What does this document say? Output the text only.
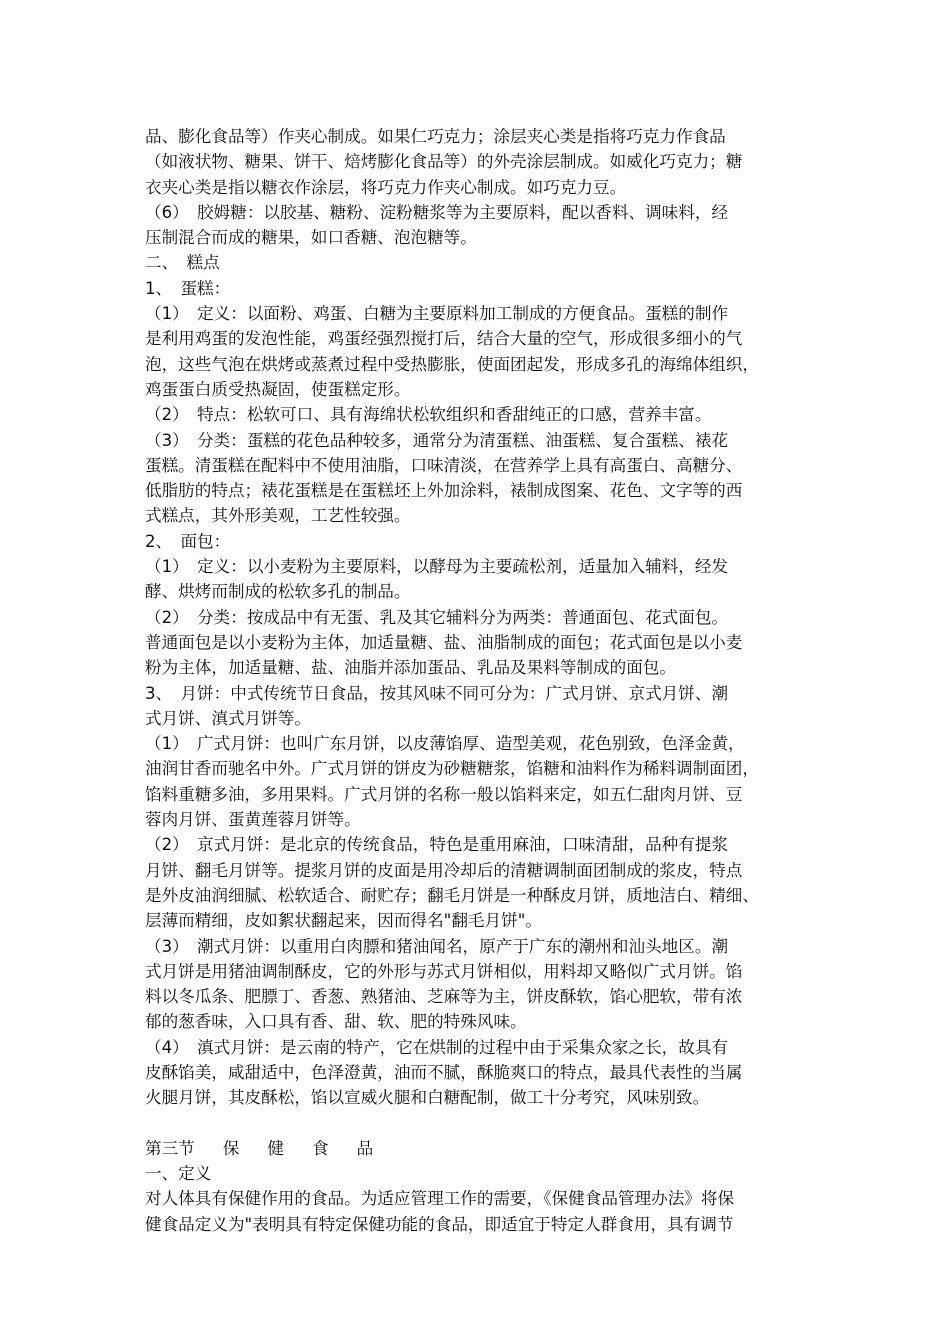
品、膨化食品等）作夹心制成。如果仁巧克力；涂层夹心类是指将巧克力作食品
（如液状物、糖果、饼干、焙烤膨化食品等）的外壳涂层制成。如威化巧克力；糖
衣夹心类是指以糖衣作涂层，将巧克力作夹心制成。如巧克力豆。
（6）　胶姆糖：以胶基、糖粉、淀粉糖浆等为主要原料，配以香料、调味料，经
压制混合而成的糖果，如口香糖、泡泡糖等。
二、　糕点
1、　蛋糕：
（1）　定义：以面粉、鸡蛋、白糖为主要原料加工制成的方便食品。蛋糕的制作
是利用鸡蛋的发泡性能，鸡蛋经强烈搅打后，结合大量的空气，形成很多细小的气
泡，这些气泡在烘烤或蒸煮过程中受热膨胀，使面团起发，形成多孔的海绵体组织，
鸡蛋蛋白质受热凝固，使蛋糕定形。
（2）　特点：松软可口、具有海绵状松软组织和香甜纯正的口感，营养丰富。
（3）　分类：蛋糕的花色品种较多，通常分为清蛋糕、油蛋糕、复合蛋糕、裱花
蛋糕。清蛋糕在配料中不使用油脂，口味清淡，在营养学上具有高蛋白、高糖分、
低脂肪的特点；裱花蛋糕是在蛋糕坯上外加涂料，裱制成图案、花色、文字等的西
式糕点，其外形美观，工艺性较强。
2、　面包：
（1）　定义：以小麦粉为主要原料，以酵母为主要疏松剂，适量加入辅料，经发
酵、烘烤而制成的松软多孔的制品。
（2）　分类：按成品中有无蛋、乳及其它辅料分为两类：普通面包、花式面包。
普通面包是以小麦粉为主体，加适量糖、盐、油脂制成的面包；花式面包是以小麦
粉为主体，加适量糖、盐、油脂并添加蛋品、乳品及果料等制成的面包。
3、　月饼：中式传统节日食品，按其风味不同可分为：广式月饼、京式月饼、潮
式月饼、滇式月饼等。
（1）　广式月饼：也叫广东月饼，以皮薄馅厚、造型美观，花色别致，色泽金黄，
油润甘香而驰名中外。广式月饼的饼皮为砂糖糖浆，馅糖和油料作为稀料调制面团，
馅料重糖多油，多用果料。广式月饼的名称一般以馅料来定，如五仁甜肉月饼、豆
蓉肉月饼、蛋黄莲蓉月饼等。
（2）　京式月饼：是北京的传统食品，特色是重用麻油，口味清甜，品种有提浆
月饼、翻毛月饼等。提浆月饼的皮面是用冷却后的清糖调制面团制成的浆皮，特点
是外皮油润细腻、松软适合、耐贮存；翻毛月饼是一种酥皮月饼，质地洁白、精细、
层薄而精细，皮如絮状翻起来，因而得名"翻毛月饼"。
（3）　潮式月饼：以重用白肉膘和猪油闻名，原产于广东的潮州和汕头地区。潮
式月饼是用猪油调制酥皮，它的外形与苏式月饼相似，用料却又略似广式月饼。馅
料以冬瓜条、肥膘丁、香葱、熟猪油、芝麻等为主，饼皮酥软，馅心肥软，带有浓
郁的葱香味，入口具有香、甜、软、肥的特殊风味。
（4）　滇式月饼：是云南的特产，它在烘制的过程中由于采集众家之长，故具有
皮酥馅美，咸甜适中，色泽澄黄，油而不腻，酥脆爽口的特点，最具代表性的当属
火腿月饼，其皮酥松，馅以宣威火腿和白糖配制，做工十分考究，风味别致。
第三节 保 健 食 品
一、定义
对人体具有保健作用的食品。为适应管理工作的需要，《保健食品管理办法》将保
健食品定义为"表明具有特定保健功能的食品，即适宜于特定人群食用，具有调节
